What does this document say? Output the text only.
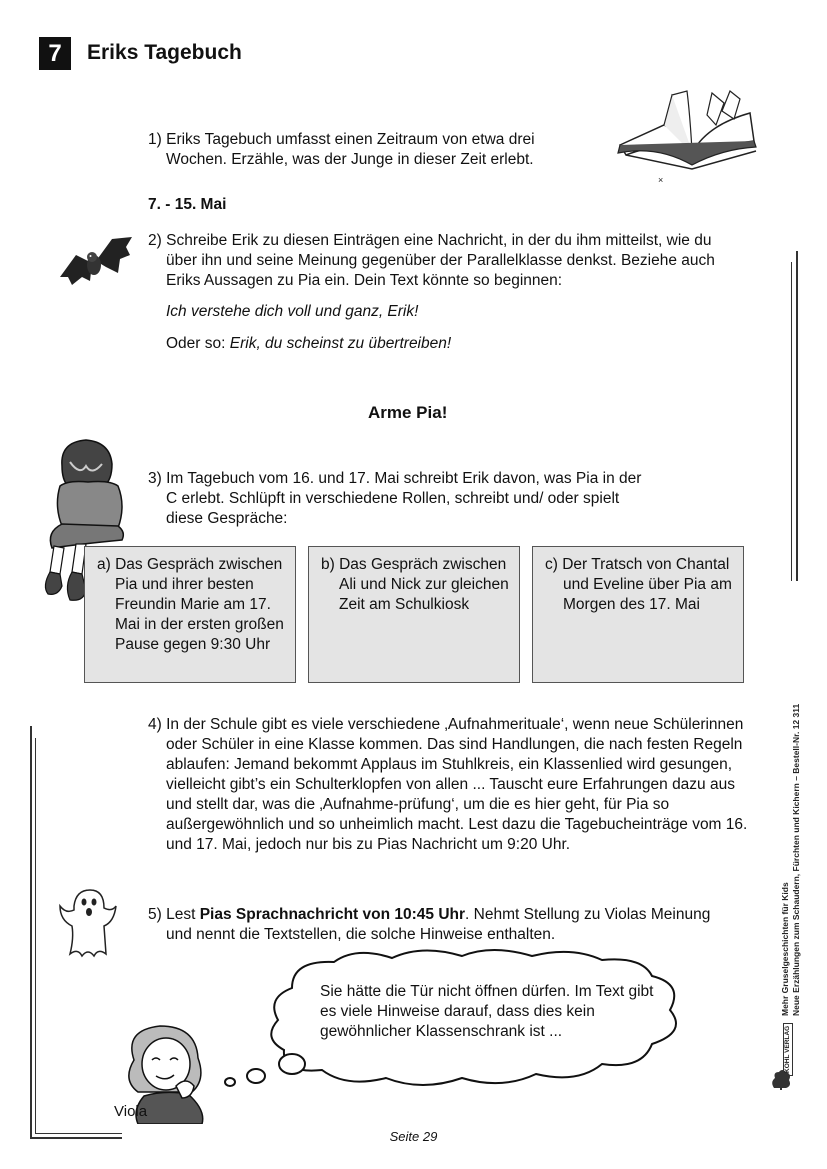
7	Eriks Tagebuch
×
1) Eriks Tagebuch umfasst einen Zeitraum von etwa drei Wochen. Erzähle, was der Junge in dieser Zeit erlebt.
7. - 15. Mai
2) Schreibe Erik zu diesen Einträgen eine Nachricht, in der du ihm mitteilst, wie du über ihn und seine Meinung gegenüber der Parallelklasse denkst. Beziehe auch Eriks Aussagen zu Pia ein. Dein Text könnte so beginnen:
Ich verstehe dich voll und ganz, Erik!
Oder so: Erik, du scheinst zu übertreiben!
Arme Pia!
3) Im Tagebuch vom 16. und 17. Mai schreibt Erik davon, was Pia in der C erlebt. Schlüpft in verschiedene Rollen, schreibt und/ oder spielt diese Gespräche:
a) Das Gespräch zwischen Pia und ihrer besten Freundin Marie am 17. Mai in der ersten großen Pause gegen 9:30 Uhr
b) Das Gespräch zwischen Ali und Nick zur gleichen Zeit am Schulkiosk
c) Der Tratsch von Chantal und Eveline über Pia am Morgen des 17. Mai
4) In der Schule gibt es viele verschiedene ‚Aufnahmerituale‘, wenn neue Schülerinnen oder Schüler in eine Klasse kommen. Das sind Handlungen, die nach festen Regeln ablaufen: Jemand bekommt Applaus im Stuhlkreis, ein Klassenlied wird gesungen, vielleicht gibt’s ein Schulterklopfen von allen ... Tauscht eure Erfahrungen dazu aus und stellt dar, was die ‚Aufnahme-prüfung‘, um die es hier geht, für Pia so außergewöhnlich und so unheimlich macht. Lest dazu die Tagebucheinträge vom 16. und 17. Mai, jedoch nur bis zu Pias Nachricht um 9:20 Uhr.
5) Lest Pias Sprachnachricht von 10:45 Uhr. Nehmt Stellung zu Violas Meinung und nennt die Textstellen, die solche Hinweise enthalten.
Sie hätte die Tür nicht öffnen dürfen. Im Text gibt es viele Hinweise darauf, dass dies kein gewöhnlicher Klassenschrank ist ...
Viola
Seite 29
Mehr Gruselgeschichten für Kids Neue Erzählungen zum Schaudern, Fürchten und Kichern – Bestell-Nr. 12 311
KOHL VERLAG
